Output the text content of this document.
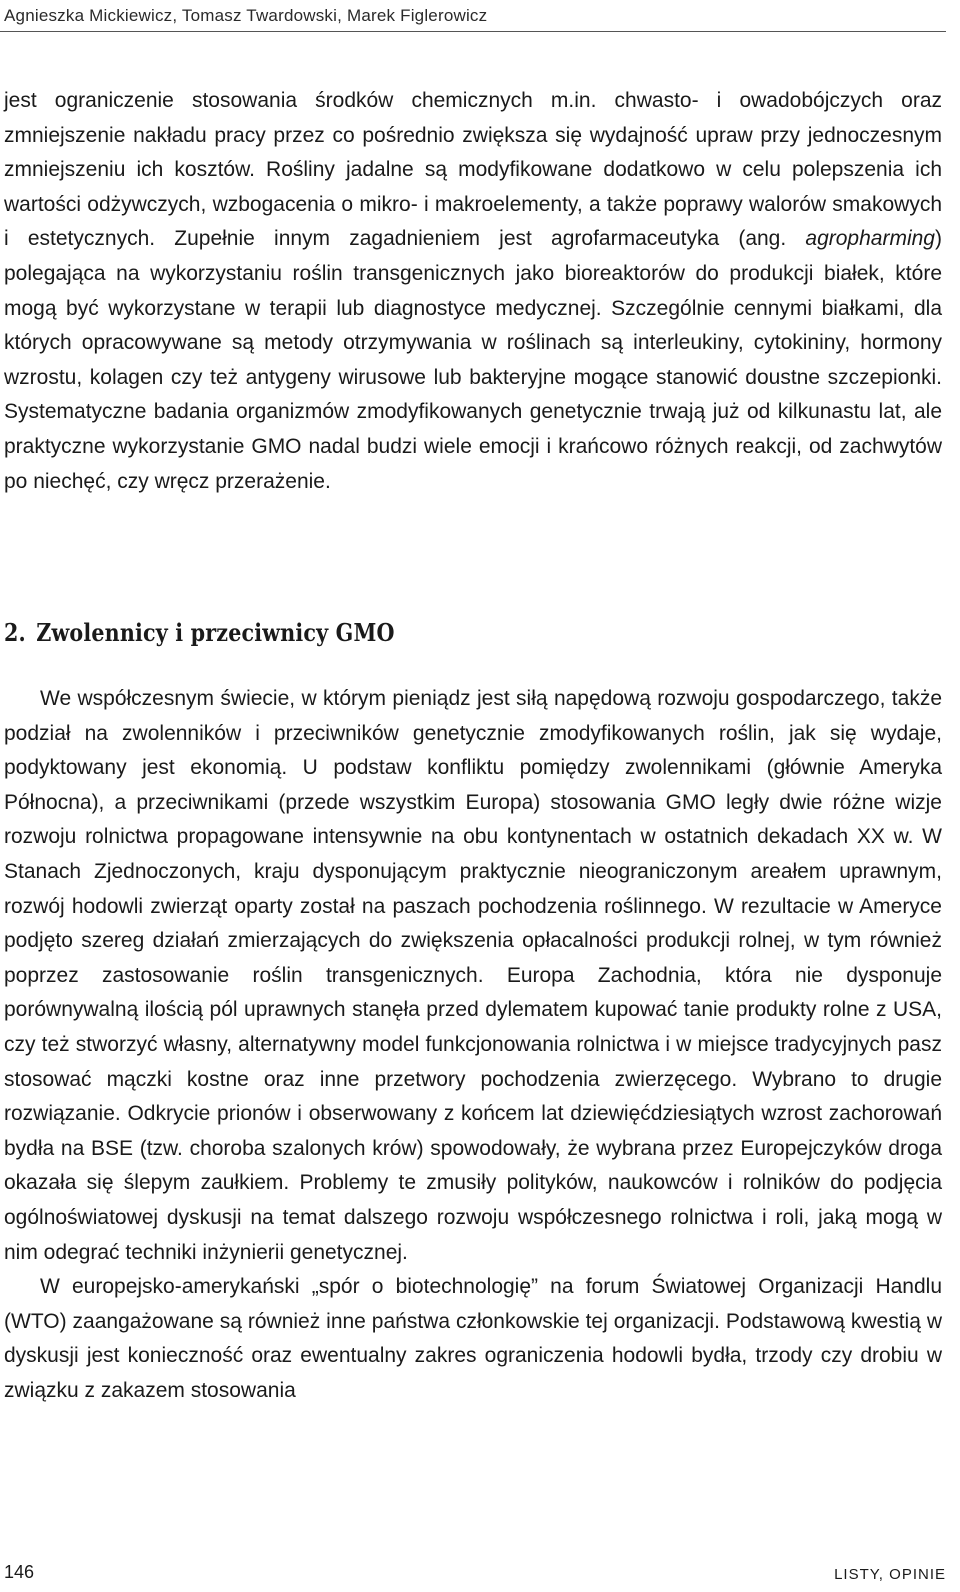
Agnieszka Mickiewicz, Tomasz Twardowski, Marek Figlerowicz

jest ograniczenie stosowania środków chemicznych m.in. chwasto- i owadobójczych oraz zmniejszenie nakładu pracy przez co pośrednio zwiększa się wydajność upraw przy jednoczesnym zmniejszeniu ich kosztów. Rośliny jadalne są modyfikowane dodatkowo w celu polepszenia ich wartości odżywczych, wzbogacenia o mikro- i makroelementy, a także poprawy walorów smakowych i estetycznych. Zupełnie innym zagadnieniem jest agrofarmaceutyka (ang. agropharming) polegająca na wykorzystaniu roślin transgenicznych jako bioreaktorów do produkcji białek, które mogą być wykorzystane w terapii lub diagnostyce medycznej. Szczególnie cennymi białkami, dla których opracowywane są metody otrzymywania w roślinach są interleukiny, cytokininy, hormony wzrostu, kolagen czy też antygeny wirusowe lub bakteryjne mogące stanowić doustne szczepionki. Systematyczne badania organizmów zmodyfikowanych genetycznie trwają już od kilkunastu lat, ale praktyczne wykorzystanie GMO nadal budzi wiele emocji i krańcowo różnych reakcji, od zachwytów po niechęć, czy wręcz przerażenie.

2. Zwolennicy i przeciwnicy GMO

We współczesnym świecie, w którym pieniądz jest siłą napędową rozwoju gospodarczego, także podział na zwolenników i przeciwników genetycznie zmodyfikowanych roślin, jak się wydaje, podyktowany jest ekonomią. U podstaw konfliktu pomiędzy zwolennikami (głównie Ameryka Północna), a przeciwnikami (przede wszystkim Europa) stosowania GMO legły dwie różne wizje rozwoju rolnictwa propagowane intensywnie na obu kontynentach w ostatnich dekadach XX w. W Stanach Zjednoczonych, kraju dysponującym praktycznie nieograniczonym areałem uprawnym, rozwój hodowli zwierząt oparty został na paszach pochodzenia roślinnego. W rezultacie w Ameryce podjęto szereg działań zmierzających do zwiększenia opłacalności produkcji rolnej, w tym również poprzez zastosowanie roślin transgenicznych. Europa Zachodnia, która nie dysponuje porównywalną ilością pól uprawnych stanęła przed dylematem kupować tanie produkty rolne z USA, czy też stworzyć własny, alternatywny model funkcjonowania rolnictwa i w miejsce tradycyjnych pasz stosować mączki kostne oraz inne przetwory pochodzenia zwierzęcego. Wybrano to drugie rozwiązanie. Odkrycie prionów i obserwowany z końcem lat dziewięćdziesiątych wzrost zachorowań bydła na BSE (tzw. choroba szalonych krów) spowodowały, że wybrana przez Europejczyków droga okazała się ślepym zaułkiem. Problemy te zmusiły polityków, naukowców i rolników do podjęcia ogólnoświatowej dyskusji na temat dalszego rozwoju współczesnego rolnictwa i roli, jaką mogą w nim odegrać techniki inżynierii genetycznej.

W europejsko-amerykański „spór o biotechnologię” na forum Światowej Organizacji Handlu (WTO) zaangażowane są również inne państwa członkowskie tej organizacji. Podstawową kwestią w dyskusji jest konieczność oraz ewentualny zakres ograniczenia hodowli bydła, trzody czy drobiu w związku z zakazem stosowania

146	LISTY, OPINIE
